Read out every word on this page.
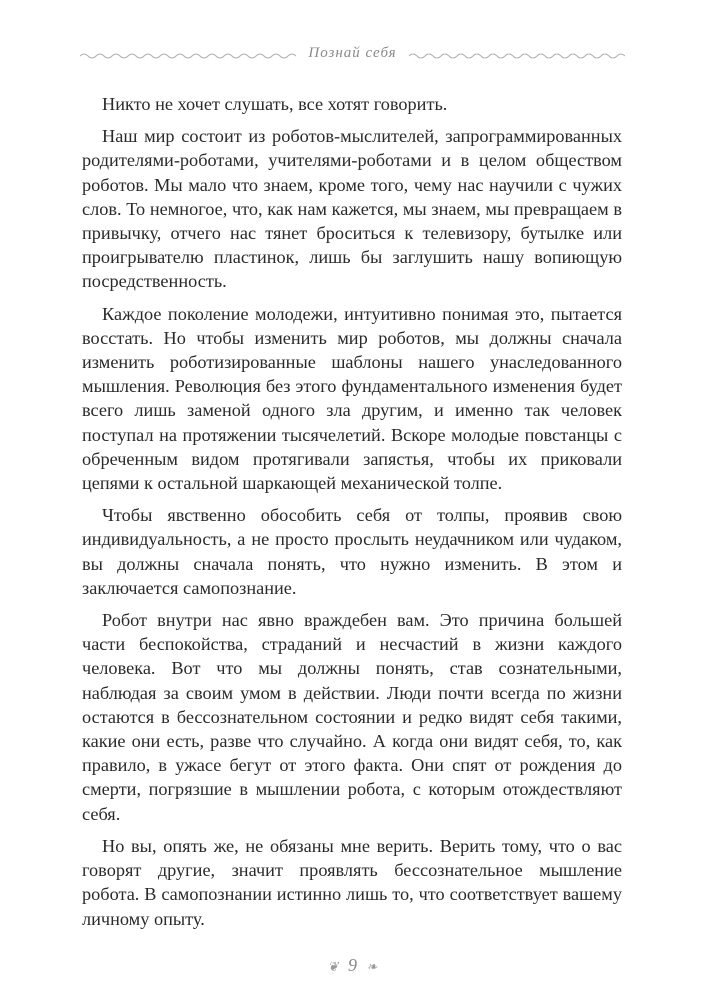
Познай себя

Никто не хочет слушать, все хотят говорить.

Наш мир состоит из роботов-мыслителей, запрограммированных родителями-роботами, учителями-роботами и в целом обществом роботов. Мы мало что знаем, кроме того, чему нас научили с чужих слов. То немногое, что, как нам кажется, мы знаем, мы превращаем в привычку, отчего нас тянет броситься к телевизору, бутылке или проигрывателю пластинок, лишь бы заглушить нашу вопиющую посредственность.

Каждое поколение молодежи, интуитивно понимая это, пытается восстать. Но чтобы изменить мир роботов, мы должны сначала изменить роботизированные шаблоны нашего унаследованного мышления. Революция без этого фундаментального изменения будет всего лишь заменой одного зла другим, и именно так человек поступал на протяжении тысячелетий. Вскоре молодые повстанцы с обреченным видом протягивали запястья, чтобы их приковали цепями к остальной шаркающей механической толпе.

Чтобы явственно обособить себя от толпы, проявив свою индивидуальность, а не просто прослыть неудачником или чудаком, вы должны сначала понять, что нужно изменить. В этом и заключается самопознание.

Робот внутри нас явно враждебен вам. Это причина большей части беспокойства, страданий и несчастий в жизни каждого человека. Вот что мы должны понять, став сознательными, наблюдая за своим умом в действии. Люди почти всегда по жизни остаются в бессознательном состоянии и редко видят себя такими, какие они есть, разве что случайно. А когда они видят себя, то, как правило, в ужасе бегут от этого факта. Они спят от рождения до смерти, погрязшие в мышлении робота, с которым отождествляют себя.

Но вы, опять же, не обязаны мне верить. Верить тому, что о вас говорят другие, значит проявлять бессознательное мышление робота. В самопознании истинно лишь то, что соответствует вашему личному опыту.

❦ 9 ❧
